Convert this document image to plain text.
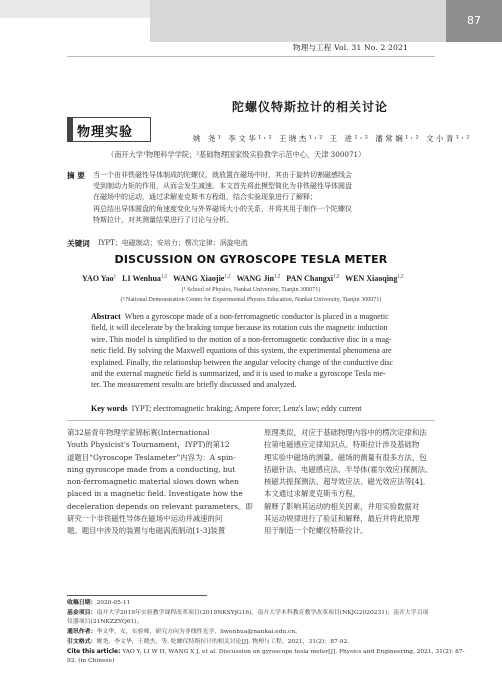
87
物理与工程 Vol. 31 No. 2 2021
陀螺仪特斯拉计的相关讨论
物理实验	姚 尧¹ 李文华¹˒² 王晓杰¹˒² 王 进¹˒² 潘常娴¹˒² 文小青¹˒²
（南开大学¹物理科学学院；²基础物理国家级实验教学示范中心，天津 300071）
摘 要 当一个由非铁磁性导体制成的陀螺仪，就放置在磁场中时，其由于旋转切割磁感线会

受到制动力矩的作用，从而会发生减速。本文首先将此模型简化为非铁磁性导体圆盘

在磁场中的运动，通过求解麦克斯韦方程组，结合实验现象进行了解释；

再总结出导体圆盘的角速度变化与外界磁场大小的关系，并将其用于制作一个陀螺仪

特斯拉计，对其测量结果进行了讨论与分析。

关键词 IYPT；电磁制动；安培力；楞次定律；涡旋电流
DISCUSSION ON GYROSCOPE TESLA METER
YAO Yao$^1$ LI Wenhua$^{1,2}$ WANG Xiaojie$^{1,2}$ WANG Jin$^{1,2}$ PAN Changxi$^{1,2}$ WEN Xiaoqing$^{1,2}$
(¹ School of Physics, Nankai University, Tianjin 300071)
(² National Demonstration Center for Experimental Physics Education, Nankai University, Tianjin 300071)

Abstract When a gyroscope made of a non-ferromagnetic conductor is placed in a magnetic

field, it will decelerate by the braking torque because its rotation cuts the magnetic induction

wire. This model is simplified to the motion of a non-ferromagnetic conductive disc in a mag-

netic field. By solving the Maxwell equations of this system, the experimental phenomena are

explained. Finally, the relationship between the angular velocity change of the conductive disc

and the external magnetic field is summarized, and it is used to make a gyroscope Tesla me-

ter. The measurement results are briefly discussed and analyzed.

Key words IYPT; electromagnetic braking; Ampere force; Lenz's law; eddy current

第32届青年物理学家锦标赛(International

Youth Physicist's Tournament，IYPT)的第12

道题目“Gyroscope Teslameter”内容为：A spin-

ning gyroscope made from a conducting, but

non-ferromagnetic material slows down when

placed in a magnetic field. Investigate how the

deceleration depends on relevant parameters。即

研究一个非铁磁性导体在磁场中运动并减速的问

题。题目中涉及的装置与电磁涡流制动[1-3]装置

原理类似，对应于基础物理内容中的楞次定律和法

拉第电磁感应定律知识点。特斯拉计涉及基础物

理实验中磁场的测量。磁场的测量有很多方法，包

括磁针法、电磁感应法、半导体(霍尔效应)探测法、

核磁共振探测法、超导效应法、磁光效应法等[4]。

本文通过求解麦克斯韦方程，

解释了影响其运动的相关因素，并用实验数据对

其运动规律进行了验证和解释，最后并将此原理

用于制造一个陀螺仪特斯拉计。

收稿日期：2020-05-11
基金项目：南开大学2019年实验教学课程改革项目(2019NKSYJG16)，南开大学本科教育教学改革项目(NKJG2020231)；南开大学百项
仪器项目(21NKZZYQ61)。
通讯作者：李文华，女，实验师，研究方向为非线性光学，liwenhua@nankai.edu.cn。
引文格式：姚尧，李文华，王晓杰，等. 陀螺仪特斯拉计的相关讨论[J]. 物理与工程，2021，31(2)：87-92.
Cite this article: YAO Y, LI W H, WANG X J, et al. Discussion on gyroscope tesla meter[J]. Physics and Engineering, 2021, 31(2): 87-
92. (in Chinese)
